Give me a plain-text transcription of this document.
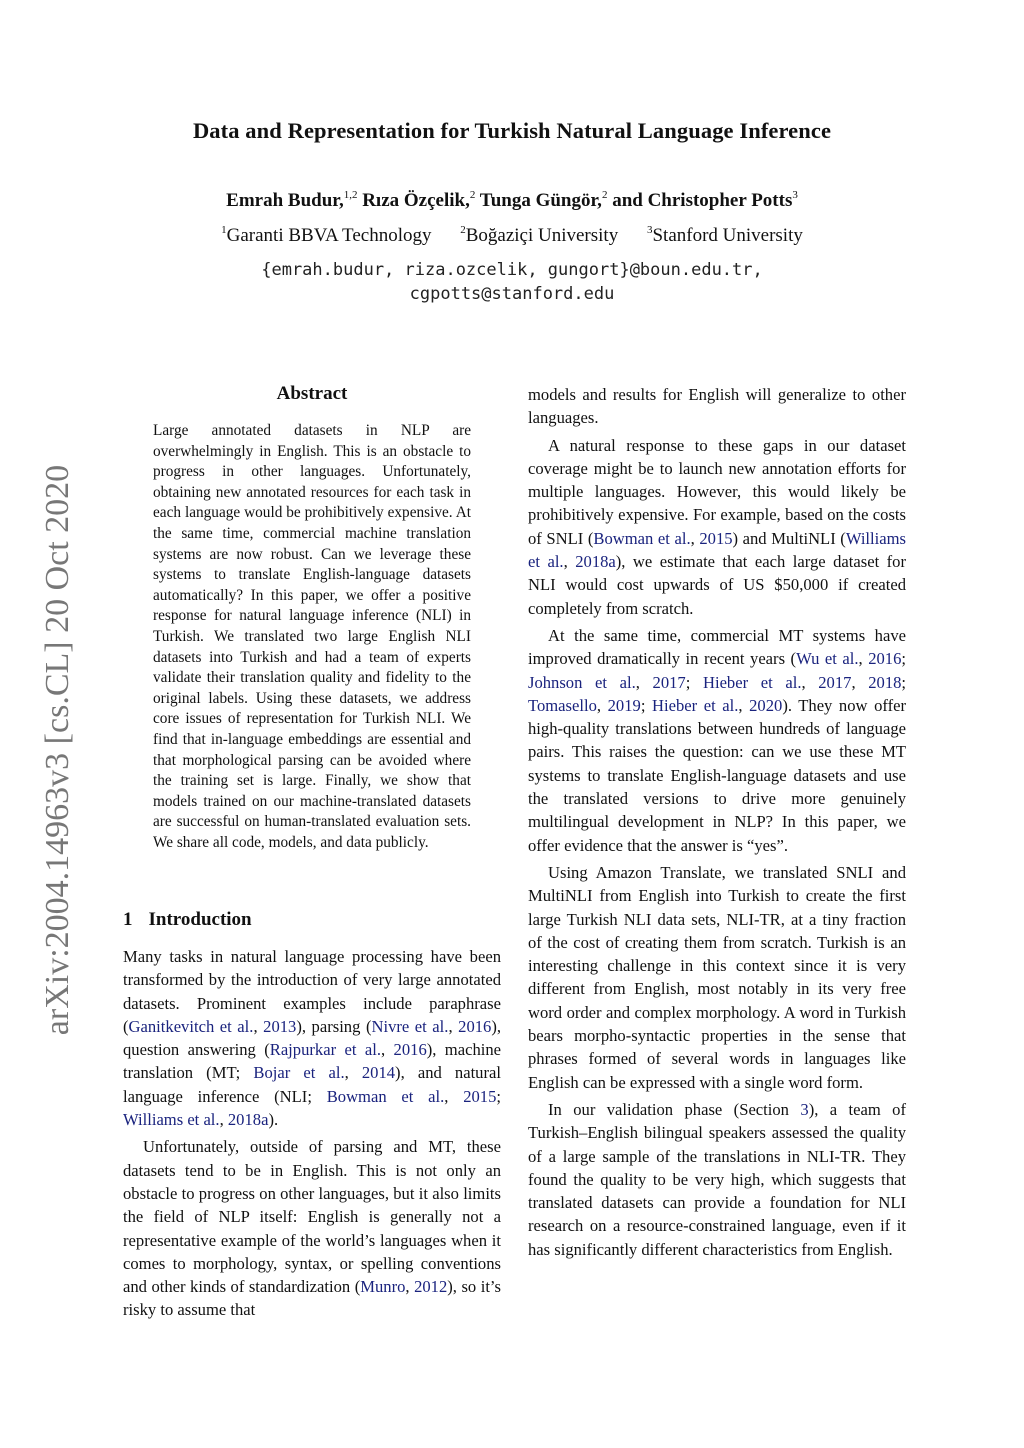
arXiv:2004.14963v3 [cs.CL] 20 Oct 2020
Data and Representation for Turkish Natural Language Inference
Emrah Budur,$^{1,2}$ Rıza Özçelik,$^2$ Tunga Güngör,$^2$ and Christopher Potts$^3$
$^1$Garanti BBVA Technology	$^2$Boğaziçi University	$^3$Stanford University
{emrah.budur, riza.ozcelik, gungort}@boun.edu.tr,
cgpotts@stanford.edu
Abstract
Large annotated datasets in NLP are overwhelmingly in English. This is an obstacle to progress in other languages. Unfortunately, obtaining new annotated resources for each task in each language would be prohibitively expensive. At the same time, commercial machine translation systems are now robust. Can we leverage these systems to translate English-language datasets automatically? In this paper, we offer a positive response for natural language inference (NLI) in Turkish. We translated two large English NLI datasets into Turkish and had a team of experts validate their translation quality and fidelity to the original labels. Using these datasets, we address core issues of representation for Turkish NLI. We find that in-language embeddings are essential and that morphological parsing can be avoided where the training set is large. Finally, we show that models trained on our machine-translated datasets are successful on human-translated evaluation sets. We share all code, models, and data publicly.
1 Introduction

Many tasks in natural language processing have been transformed by the introduction of very large annotated datasets. Prominent examples include paraphrase (Ganitkevitch et al., 2013), parsing (Nivre et al., 2016), question answering (Rajpurkar et al., 2016), machine translation (MT; Bojar et al., 2014), and natural language inference (NLI; Bowman et al., 2015; Williams et al., 2018a).

Unfortunately, outside of parsing and MT, these datasets tend to be in English. This is not only an obstacle to progress on other languages, but it also limits the field of NLP itself: English is generally not a representative example of the world’s languages when it comes to morphology, syntax, or spelling conventions and other kinds of standardization (Munro, 2012), so it’s risky to assume that

models and results for English will generalize to other languages.

A natural response to these gaps in our dataset coverage might be to launch new annotation efforts for multiple languages. However, this would likely be prohibitively expensive. For example, based on the costs of SNLI (Bowman et al., 2015) and MultiNLI (Williams et al., 2018a), we estimate that each large dataset for NLI would cost upwards of US $50,000 if created completely from scratch.

At the same time, commercial MT systems have improved dramatically in recent years (Wu et al., 2016; Johnson et al., 2017; Hieber et al., 2017, 2018; Tomasello, 2019; Hieber et al., 2020). They now offer high-quality translations between hundreds of language pairs. This raises the question: can we use these MT systems to translate English-language datasets and use the translated versions to drive more genuinely multilingual development in NLP? In this paper, we offer evidence that the answer is “yes”.

Using Amazon Translate, we translated SNLI and MultiNLI from English into Turkish to create the first large Turkish NLI data sets, NLI-TR, at a tiny fraction of the cost of creating them from scratch. Turkish is an interesting challenge in this context since it is very different from English, most notably in its very free word order and complex morphology. A word in Turkish bears morpho-syntactic properties in the sense that phrases formed of several words in languages like English can be expressed with a single word form.

In our validation phase (Section 3), a team of Turkish–English bilingual speakers assessed the quality of a large sample of the translations in NLI-TR. They found the quality to be very high, which suggests that translated datasets can provide a foundation for NLI research on a resource-constrained language, even if it has significantly different characteristics from English.
